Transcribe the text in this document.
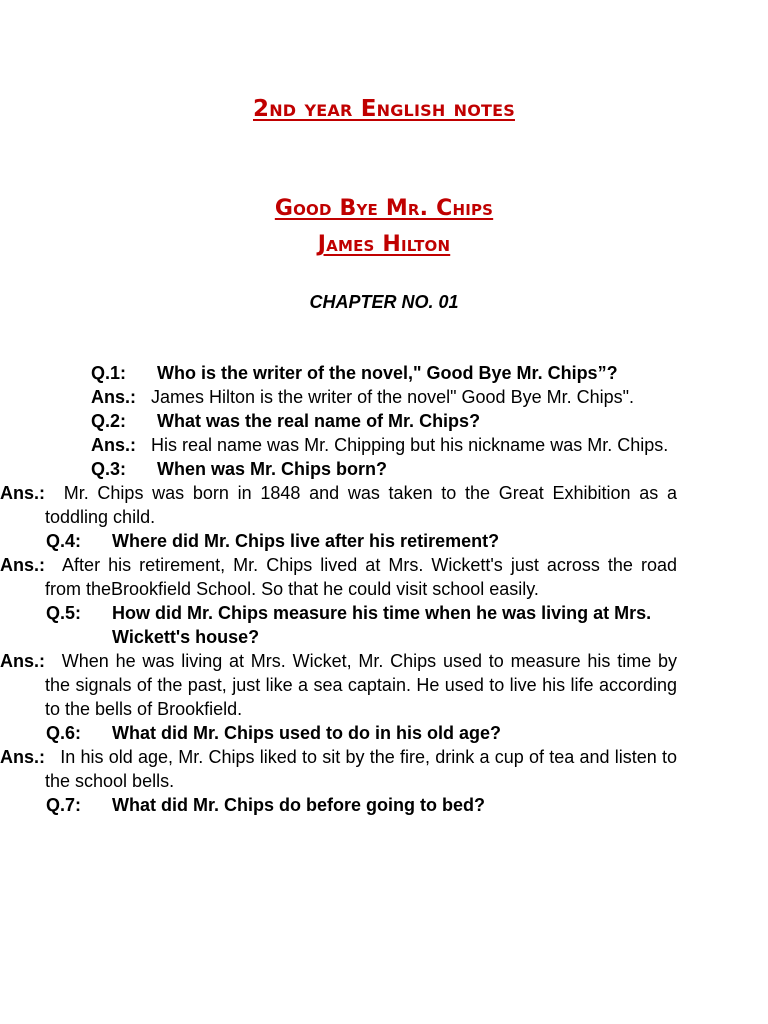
2nd year English notes
Good Bye Mr. Chips
James Hilton

CHAPTER NO. 01

Q.1:	Who is the writer of the novel," Good Bye Mr. Chips”?
Ans.: James Hilton is the writer of the novel" Good Bye Mr. Chips".
Q.2:	What was the real name of Mr. Chips?
Ans.: His real name was Mr. Chipping but his nickname was Mr. Chips.
Q.3:	When was Mr. Chips born?
Ans.: Mr. Chips was born in 1848 and was taken to the Great Exhibition as a toddling child.
Q.4:	Where did Mr. Chips live after his retirement?
Ans.: After his retirement, Mr. Chips lived at Mrs. Wickett's just across the road from theBrookfield School. So that he could visit school easily.
Q.5: How did Mr. Chips measure his time when he was living at Mrs. Wickett's house?
Ans.: When he was living at Mrs. Wicket, Mr. Chips used to measure his time by the signals of the past, just like a sea captain. He used to live his life according to the bells of Brookfield.
Q.6:	What did Mr. Chips used to do in his old age?
Ans.: In his old age, Mr. Chips liked to sit by the fire, drink a cup of tea and listen to the school bells.
Q.7:	What did Mr. Chips do before going to bed?
